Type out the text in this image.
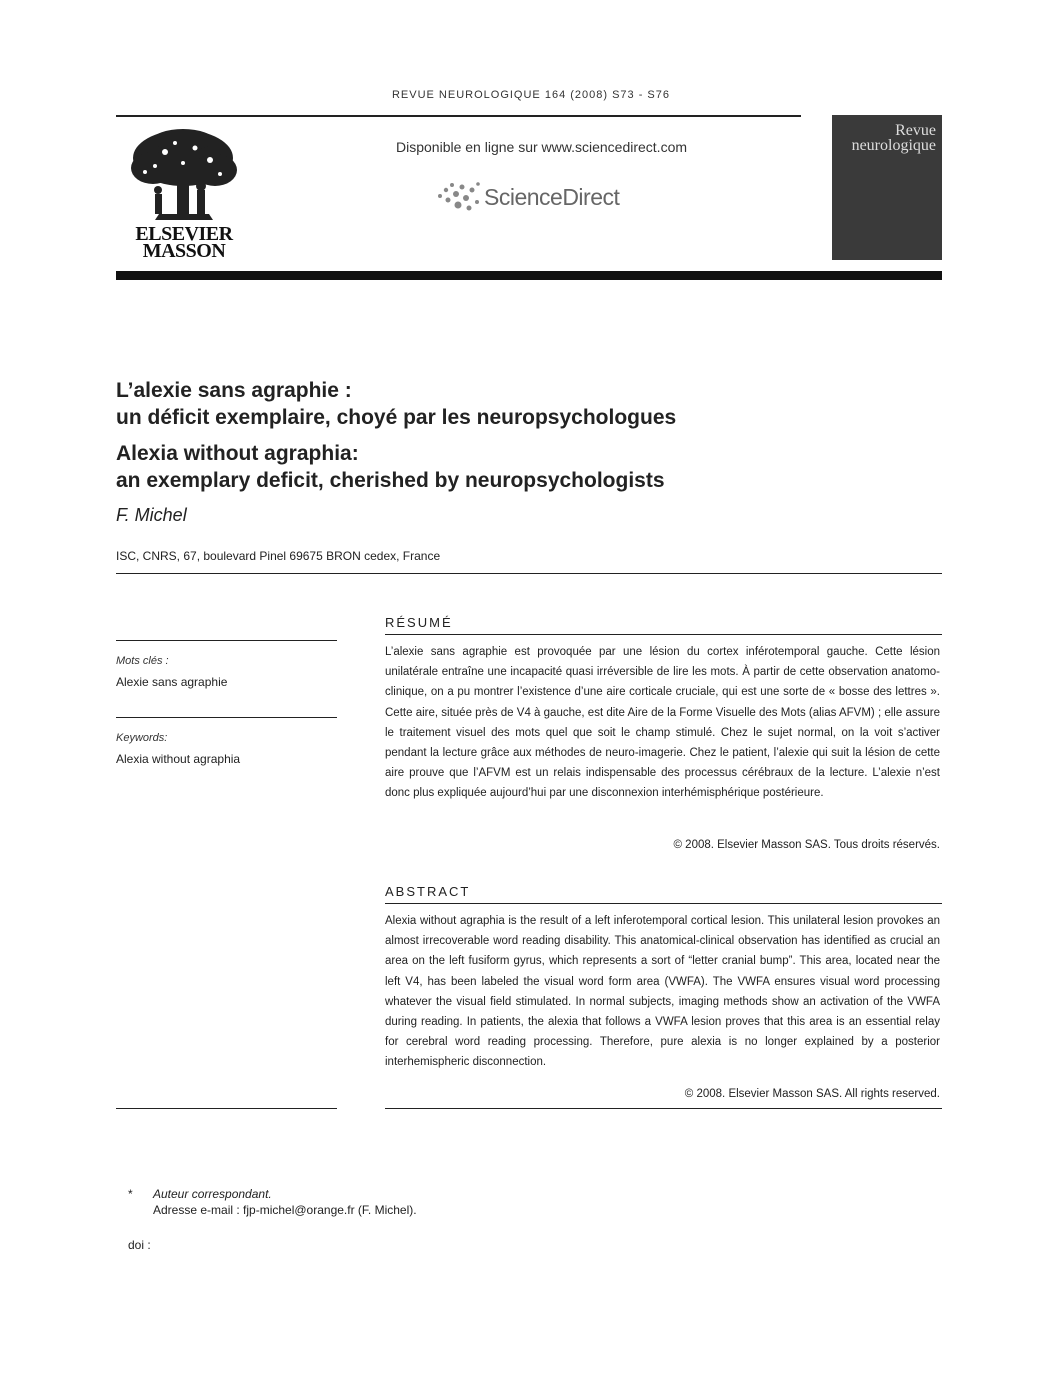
REVUE NEUROLOGIQUE 164 (2008) S73 - S76
ELSEVIER
MASSON
Disponible en ligne sur www.sciencedirect.com
ScienceDirect
Revue
neurologique
L’alexie sans agraphie :
un déficit exemplaire, choyé par les neuropsychologues
Alexia without agraphia:
an exemplary deficit, cherished by neuropsychologists
F. Michel
ISC, CNRS, 67, boulevard Pinel 69675 BRON cedex, France
Mots clés :
Alexie sans agraphie
Keywords:
Alexia without agraphia
RÉSUMÉ
L’alexie sans agraphie est provoquée par une lésion du cortex inférotemporal gauche. Cette lésion unilatérale entraîne une incapacité quasi irréversible de lire les mots. À partir de cette observation anatomo-clinique, on a pu montrer l’existence d’une aire corticale cruciale, qui est une sorte de « bosse des lettres ». Cette aire, située près de V4 à gauche, est dite Aire de la Forme Visuelle des Mots (alias AFVM) ; elle assure le traitement visuel des mots quel que soit le champ stimulé. Chez le sujet normal, on la voit s’activer pendant la lecture grâce aux méthodes de neuro-imagerie. Chez le patient, l’alexie qui suit la lésion de cette aire prouve que l’AFVM est un relais indispensable des processus cérébraux de la lecture. L’alexie n’est donc plus expliquée aujourd’hui par une disconnexion interhémisphérique postérieure.
© 2008. Elsevier Masson SAS. Tous droits réservés.
ABSTRACT
Alexia without agraphia is the result of a left inferotemporal cortical lesion. This unilateral lesion provokes an almost irrecoverable word reading disability. This anatomical-clinical observation has identified as crucial an area on the left fusiform gyrus, which represents a sort of “letter cranial bump”. This area, located near the left V4, has been labeled the visual word form area (VWFA). The VWFA ensures visual word processing whatever the visual field stimulated. In normal subjects, imaging methods show an activation of the VWFA during reading. In patients, the alexia that follows a VWFA lesion proves that this area is an essential relay for cerebral word reading processing. Therefore, pure alexia is no longer explained by a posterior interhemispheric disconnection.
© 2008. Elsevier Masson SAS. All rights reserved.
* Auteur correspondant.
Adresse e-mail : fjp-michel@orange.fr (F. Michel).
doi :
